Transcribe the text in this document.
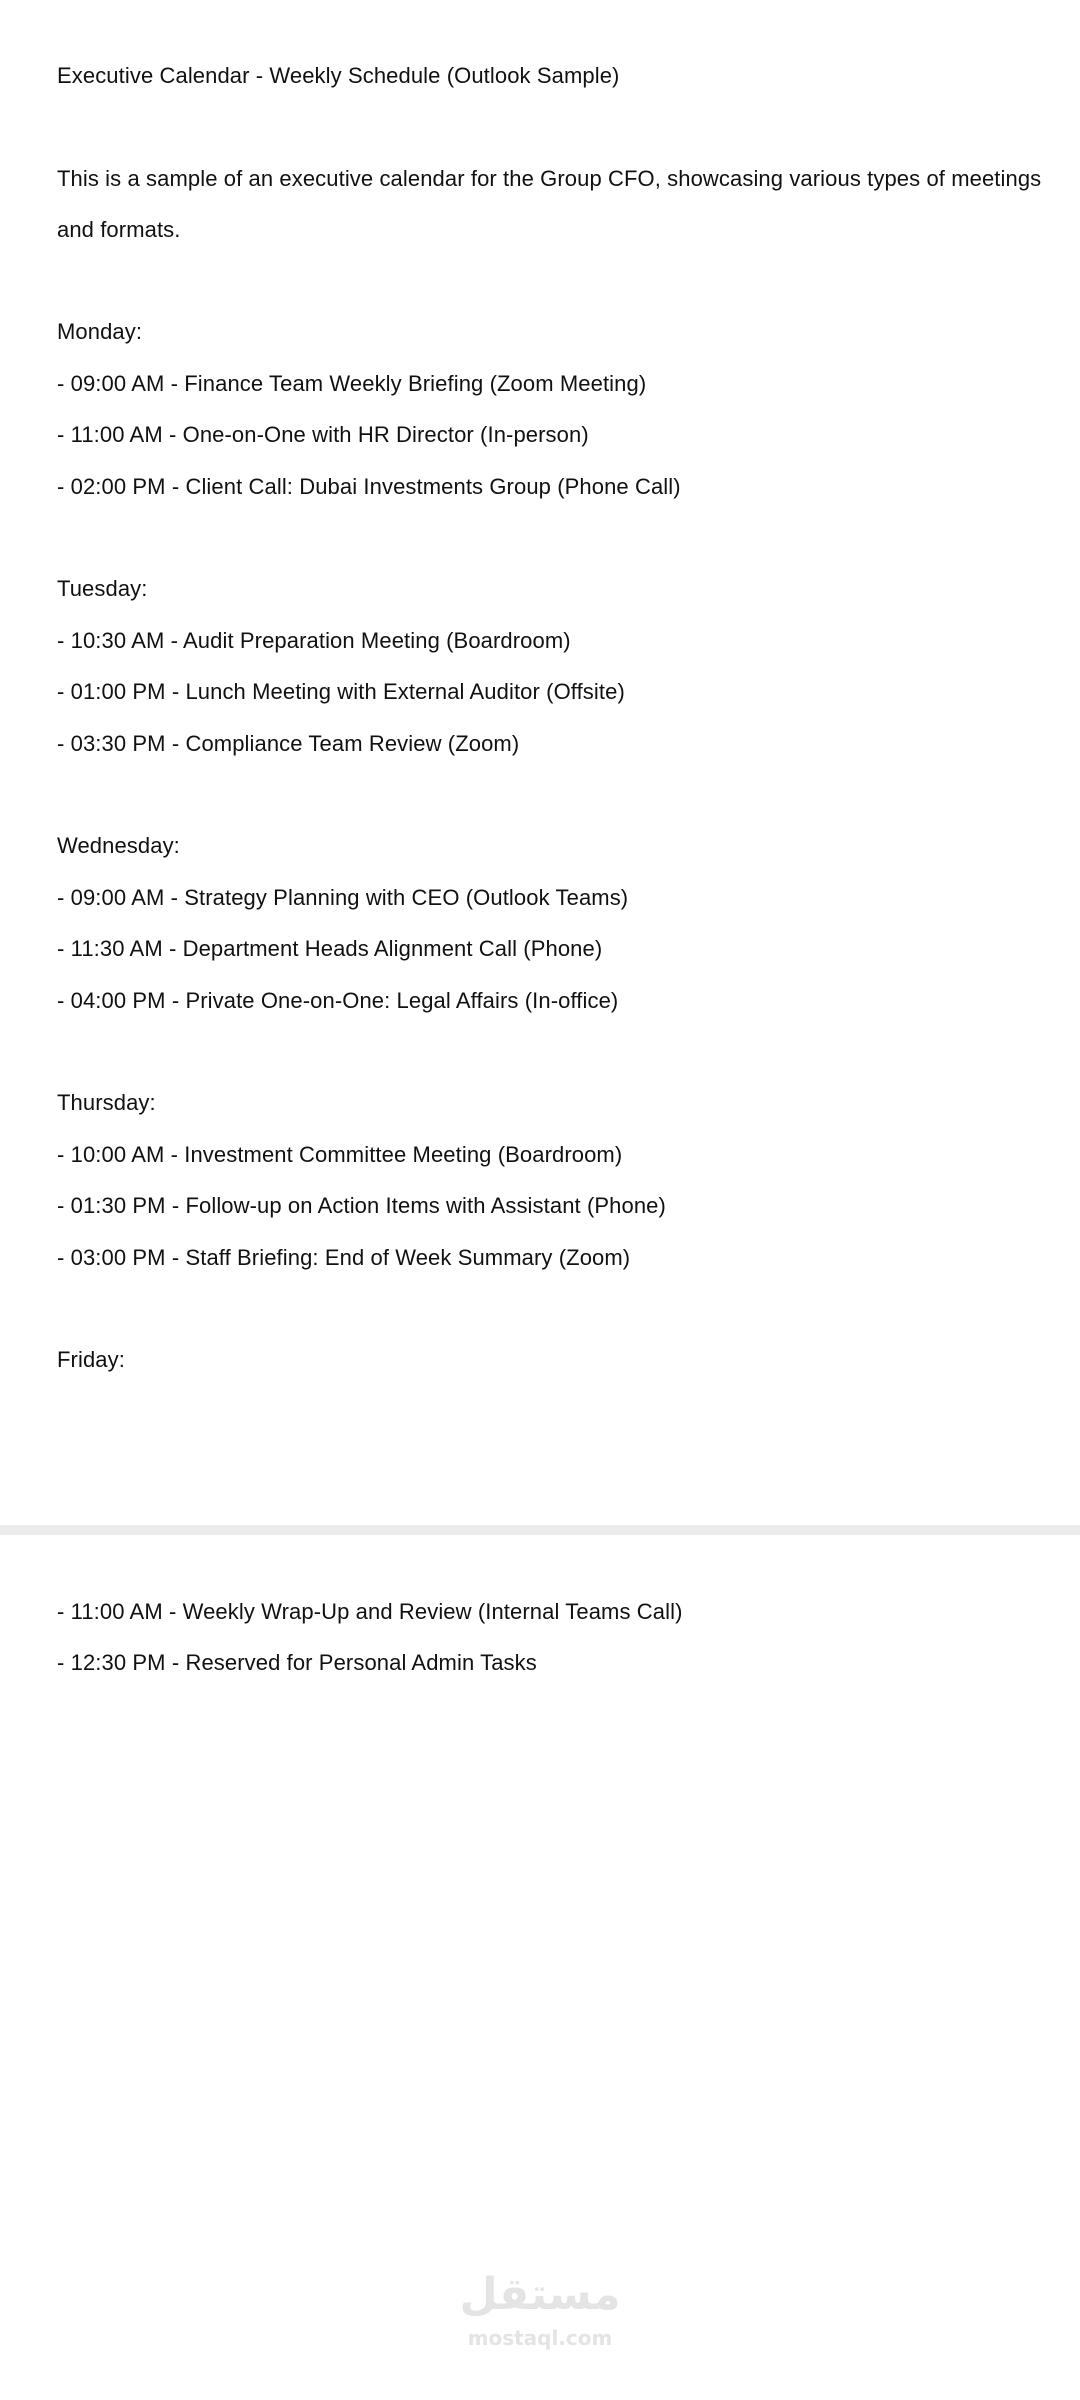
Executive Calendar - Weekly Schedule (Outlook Sample)
This is a sample of an executive calendar for the Group CFO, showcasing various types of meetings
and formats.
Monday:
- 09:00 AM - Finance Team Weekly Briefing (Zoom Meeting)
- 11:00 AM - One-on-One with HR Director (In-person)
- 02:00 PM - Client Call: Dubai Investments Group (Phone Call)
Tuesday:
- 10:30 AM - Audit Preparation Meeting (Boardroom)
- 01:00 PM - Lunch Meeting with External Auditor (Offsite)
- 03:30 PM - Compliance Team Review (Zoom)
Wednesday:
- 09:00 AM - Strategy Planning with CEO (Outlook Teams)
- 11:30 AM - Department Heads Alignment Call (Phone)
- 04:00 PM - Private One-on-One: Legal Affairs (In-office)
Thursday:
- 10:00 AM - Investment Committee Meeting (Boardroom)
- 01:30 PM - Follow-up on Action Items with Assistant (Phone)
- 03:00 PM - Staff Briefing: End of Week Summary (Zoom)
Friday:
- 11:00 AM - Weekly Wrap-Up and Review (Internal Teams Call)
- 12:30 PM - Reserved for Personal Admin Tasks
مستقل
mostaql.com
